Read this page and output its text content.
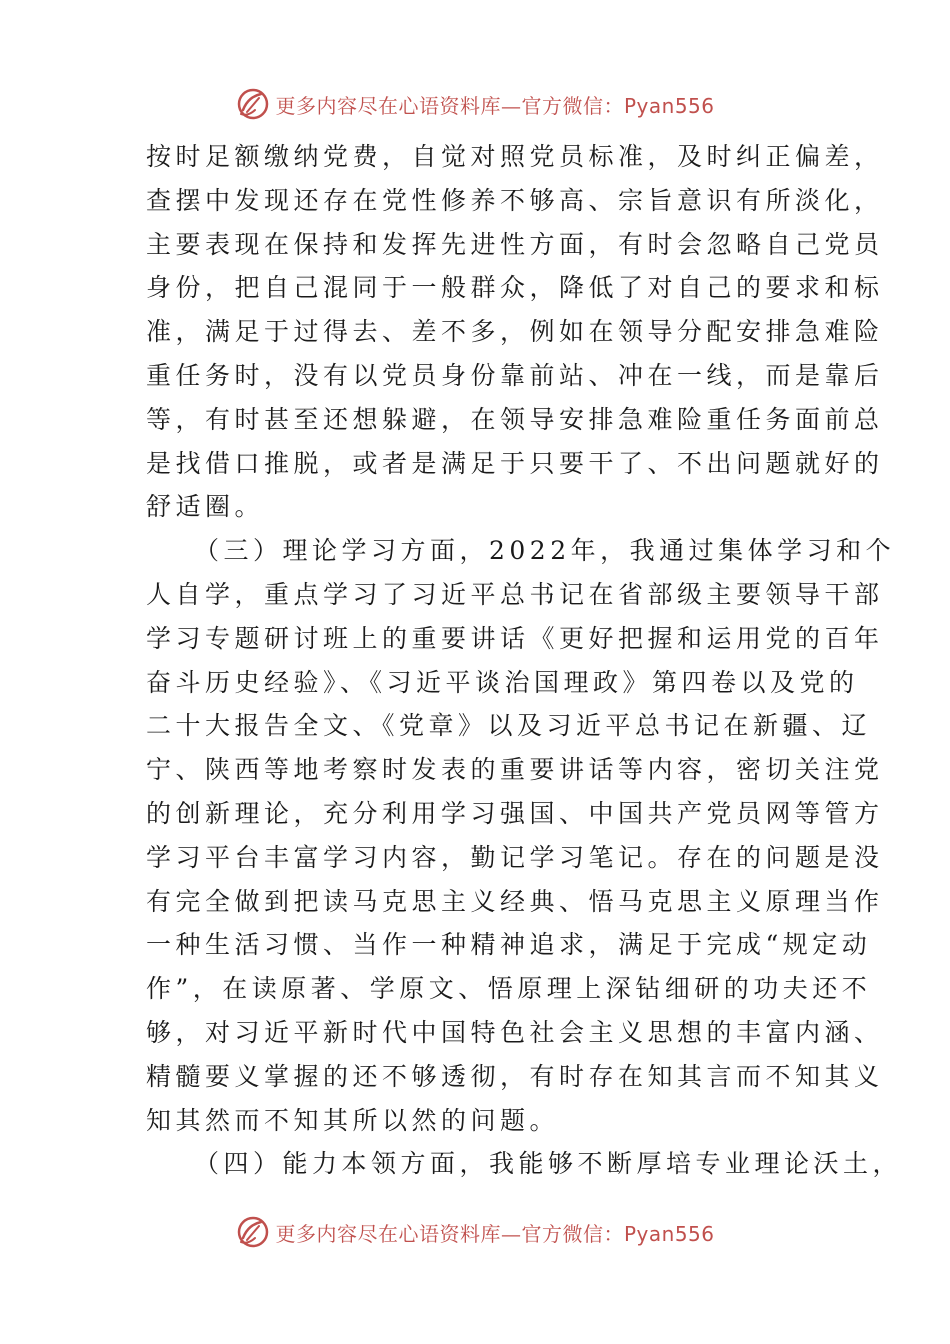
更多内容尽在心语资料库—官方微信：Pyan556
按时足额缴纳党费，自觉对照党员标准，及时纠正偏差，
查摆中发现还存在党性修养不够高、宗旨意识有所淡化，
主要表现在保持和发挥先进性方面，有时会忽略自己党员
身份，把自己混同于一般群众，降低了对自己的要求和标
准，满足于过得去、差不多，例如在领导分配安排急难险
重任务时，没有以党员身份靠前站、冲在一线，而是靠后
等，有时甚至还想躲避，在领导安排急难险重任务面前总
是找借口推脱，或者是满足于只要干了、不出问题就好的
舒适圈。
（三）理论学习方面，2022年，我通过集体学习和个
人自学，重点学习了习近平总书记在省部级主要领导干部
学习专题研讨班上的重要讲话《更好把握和运用党的百年
奋斗历史经验》、《习近平谈治国理政》第四卷以及党的
二十大报告全文、《党章》以及习近平总书记在新疆、辽
宁、陕西等地考察时发表的重要讲话等内容，密切关注党
的创新理论，充分利用学习强国、中国共产党员网等管方
学习平台丰富学习内容，勤记学习笔记。存在的问题是没
有完全做到把读马克思主义经典、悟马克思主义原理当作
一种生活习惯、当作一种精神追求，满足于完成“规定动
作”，在读原著、学原文、悟原理上深钻细研的功夫还不
够，对习近平新时代中国特色社会主义思想的丰富内涵、
精髓要义掌握的还不够透彻，有时存在知其言而不知其义
知其然而不知其所以然的问题。
（四）能力本领方面，我能够不断厚培专业理论沃土，
更多内容尽在心语资料库—官方微信：Pyan556
